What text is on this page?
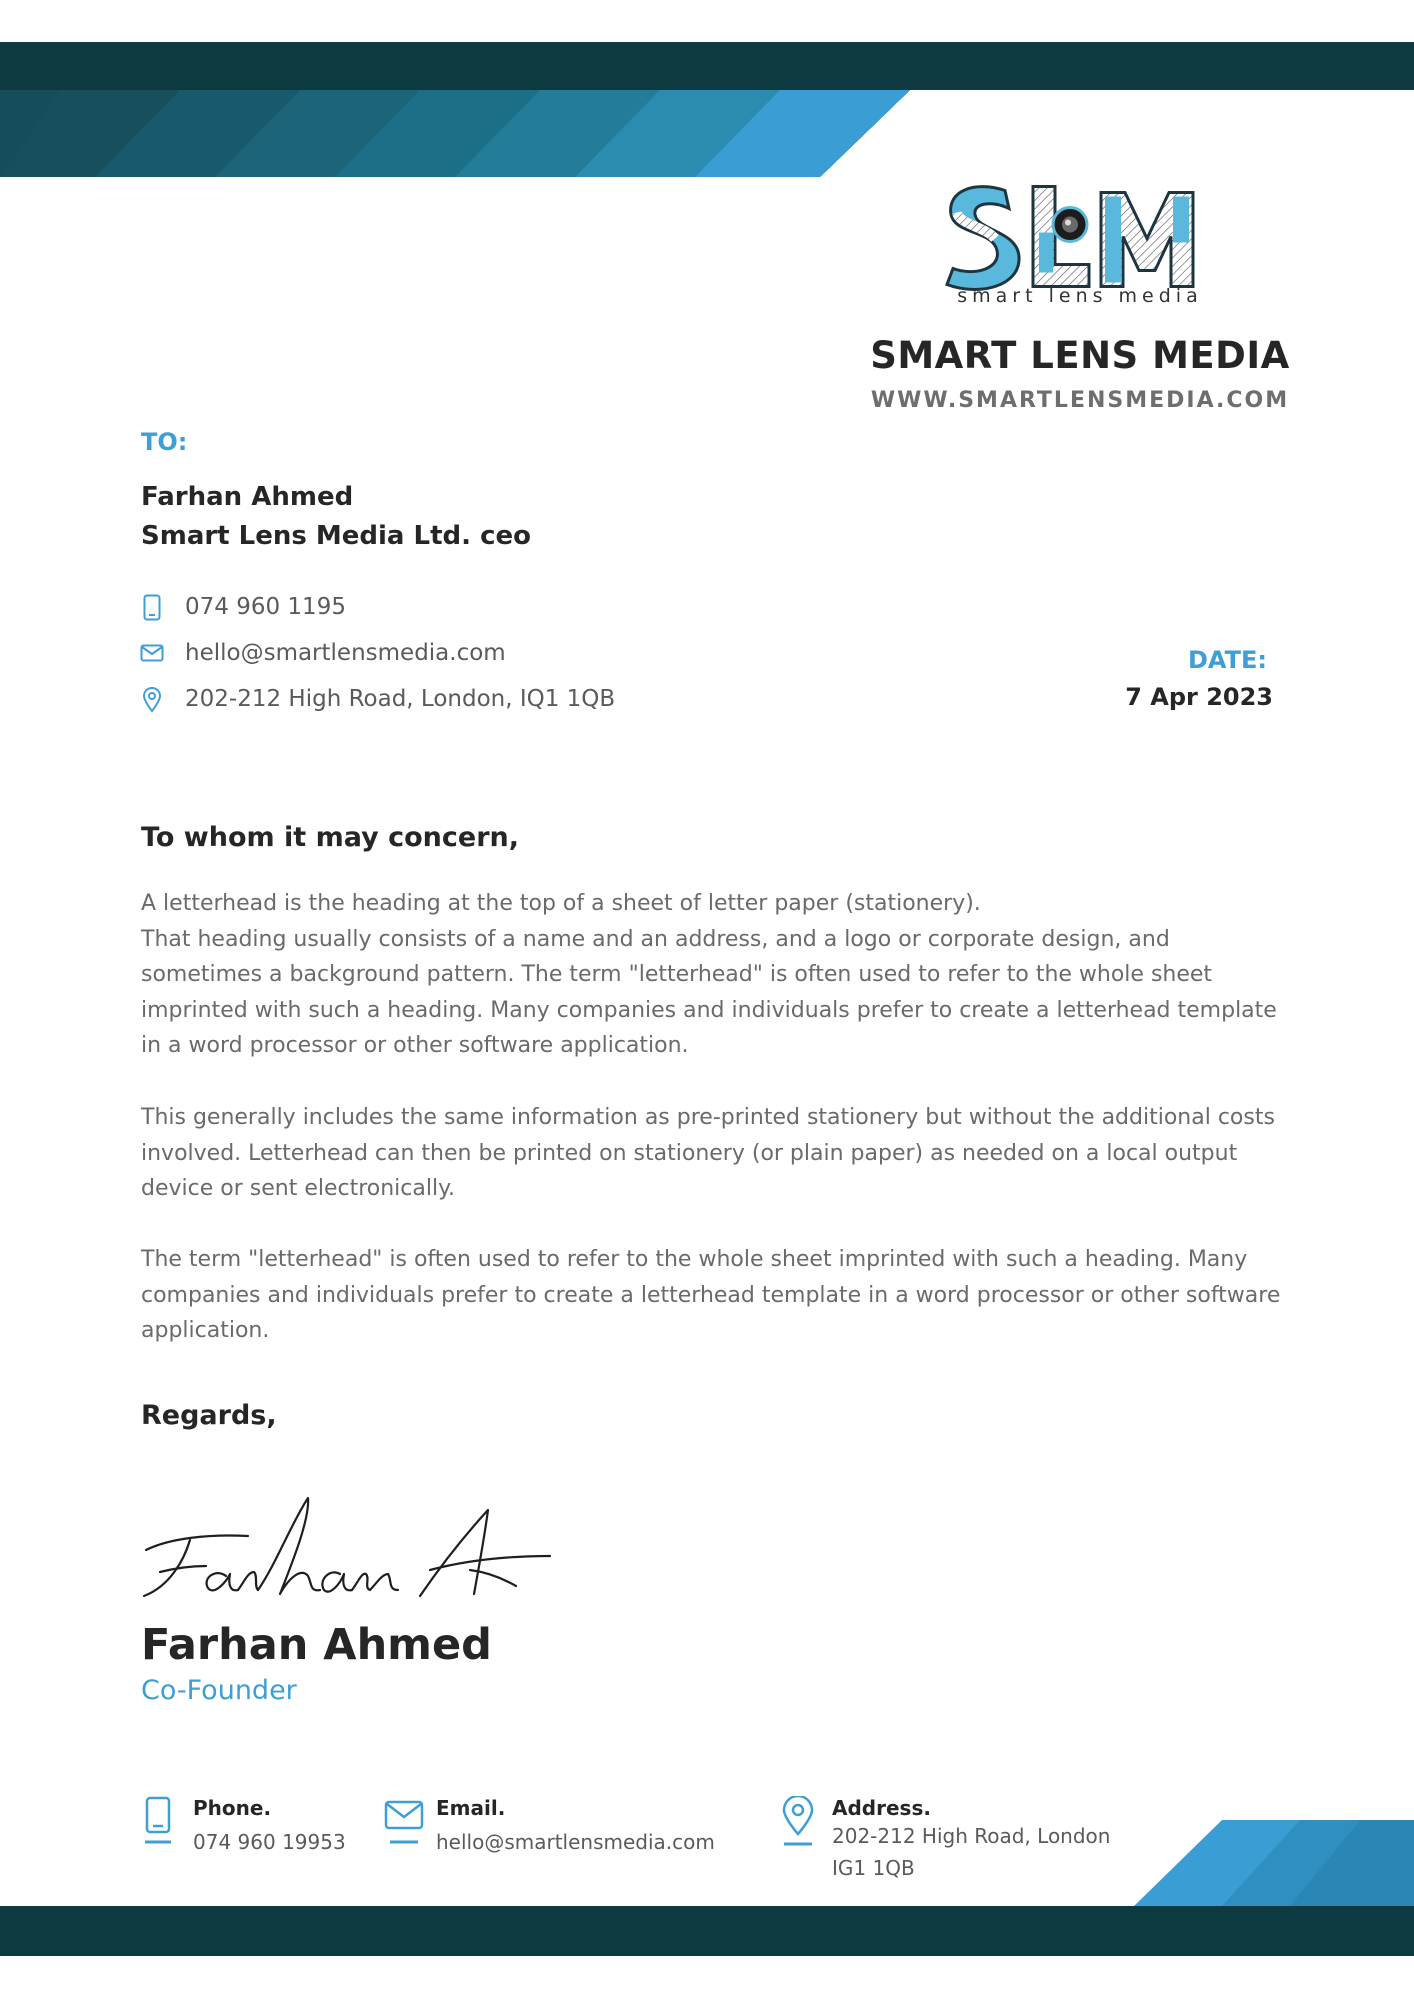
smart lens media
SMART LENS MEDIA
WWW.SMARTLENSMEDIA.COM
TO:
Farhan Ahmed
Smart Lens Media Ltd. ceo
074 960 1195
hello@smartlensmedia.com
202-212 High Road, London, IQ1 1QB
DATE:
7 Apr 2023
To whom it may concern,

A letterhead is the heading at the top of a sheet of letter paper (stationery).

That heading usually consists of a name and an address, and a logo or corporate design, and sometimes a background pattern. The term "letterhead" is often used to refer to the whole sheet imprinted with such a heading. Many companies and individuals prefer to create a letterhead template in a word processor or other software application.

This generally includes the same information as pre-printed stationery but without the additional costs involved. Letterhead can then be printed on stationery (or plain paper) as needed on a local output device or sent electronically.
The term "letterhead" is often used to refer to the whole sheet imprinted with such a heading. Many companies and individuals prefer to create a letterhead template in a word processor or other software application.
Regards,
Farhan Ahmed
Co-Founder
Phone.
074 960 19953
Email.
hello@smartlensmedia.com
Address.
202-212 High Road, London
IG1 1QB
